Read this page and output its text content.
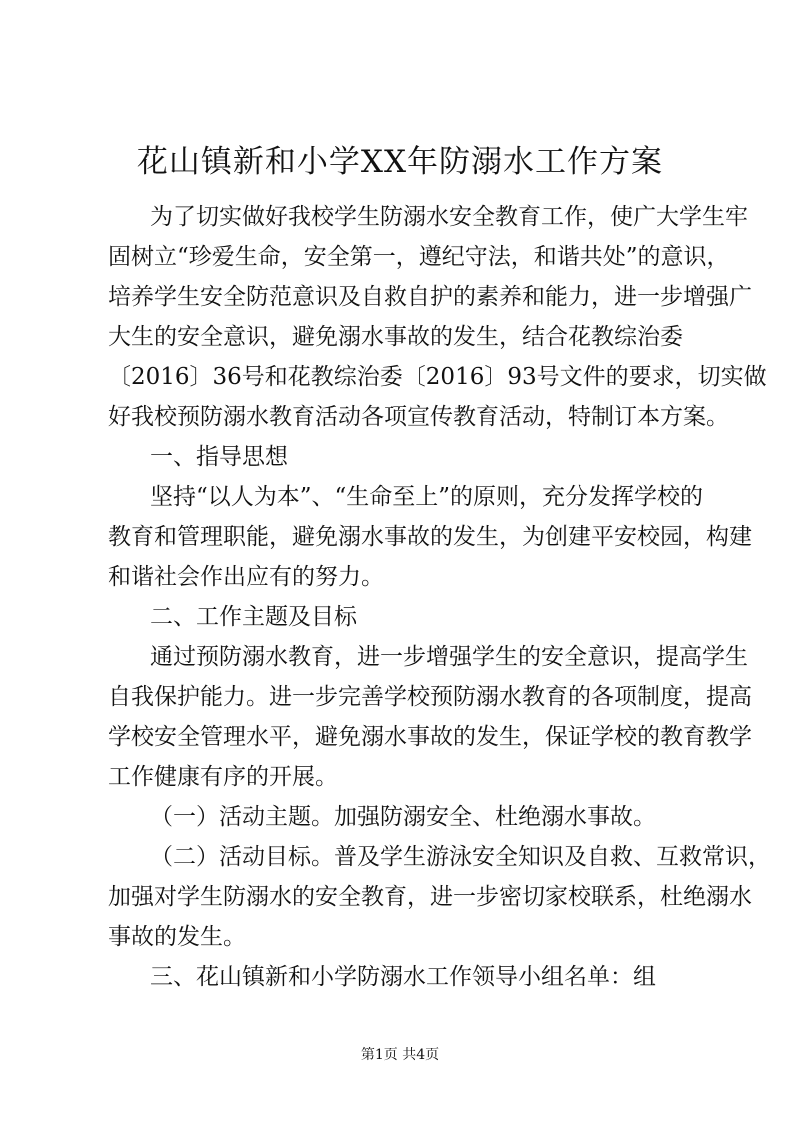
花山镇新和小学XX年防溺水工作方案
为了切实做好我校学生防溺水安全教育工作，使广大学生牢
固树立“珍爱生命，安全第一，遵纪守法，和谐共处”的意识，
培养学生安全防范意识及自救自护的素养和能力，进一步增强广
大生的安全意识，避免溺水事故的发生，结合花教综治委
〔2016〕36号和花教综治委〔2016〕93号文件的要求，切实做
好我校预防溺水教育活动各项宣传教育活动，特制订本方案。
一、指导思想
坚持“以人为本”、“生命至上”的原则，充分发挥学校的
教育和管理职能，避免溺水事故的发生，为创建平安校园，构建
和谐社会作出应有的努力。
二、工作主题及目标
通过预防溺水教育，进一步增强学生的安全意识，提高学生
自我保护能力。进一步完善学校预防溺水教育的各项制度，提高
学校安全管理水平，避免溺水事故的发生，保证学校的教育教学
工作健康有序的开展。
（一）活动主题。加强防溺安全、杜绝溺水事故。
（二）活动目标。普及学生游泳安全知识及自救、互救常识，
加强对学生防溺水的安全教育，进一步密切家校联系，杜绝溺水
事故的发生。
三、花山镇新和小学防溺水工作领导小组名单：组
第1页 共4页
